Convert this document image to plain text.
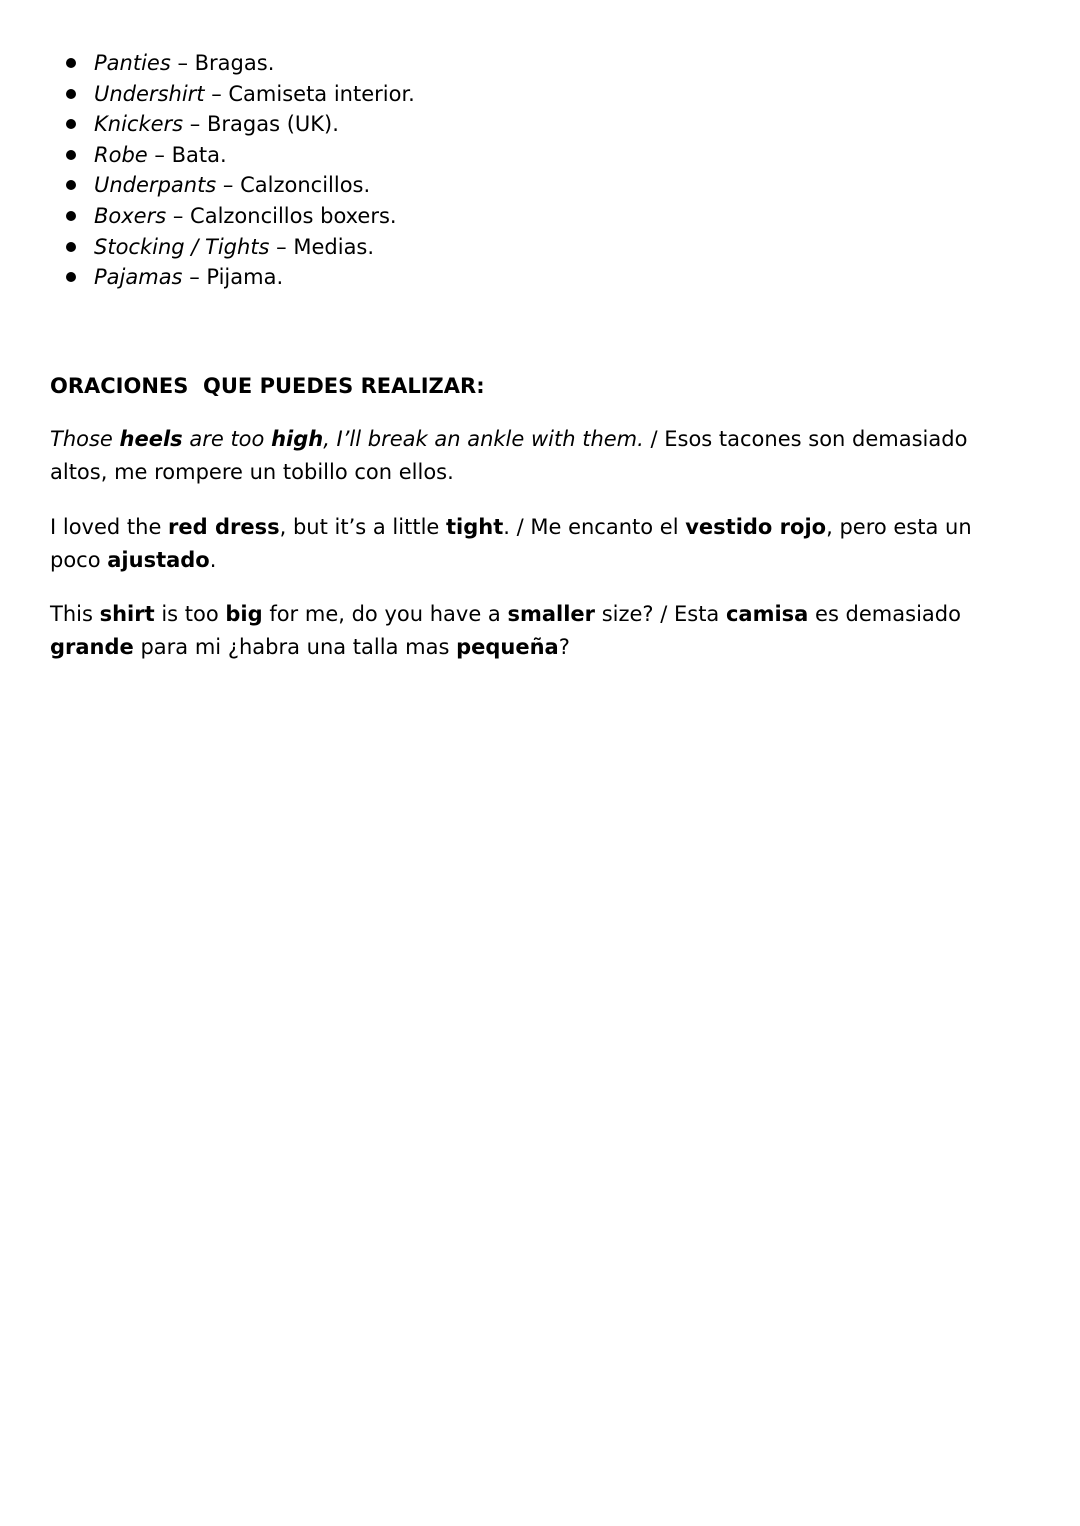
Panties – Bragas.
Undershirt – Camiseta interior.
Knickers – Bragas (UK).
Robe – Bata.
Underpants – Calzoncillos.
Boxers – Calzoncillos boxers.
Stocking / Tights – Medias.
Pajamas – Pijama.
ORACIONES  QUE PUEDES REALIZAR:

Those heels are too high, I’ll break an ankle with them. / Esos tacones son demasiado altos, me rompere un tobillo con ellos.

I loved the red dress, but it’s a little tight. / Me encanto el vestido rojo, pero esta un poco ajustado.

This shirt is too big for me, do you have a smaller size? / Esta camisa es demasiado grande para mi ¿habra una talla mas pequeña?
